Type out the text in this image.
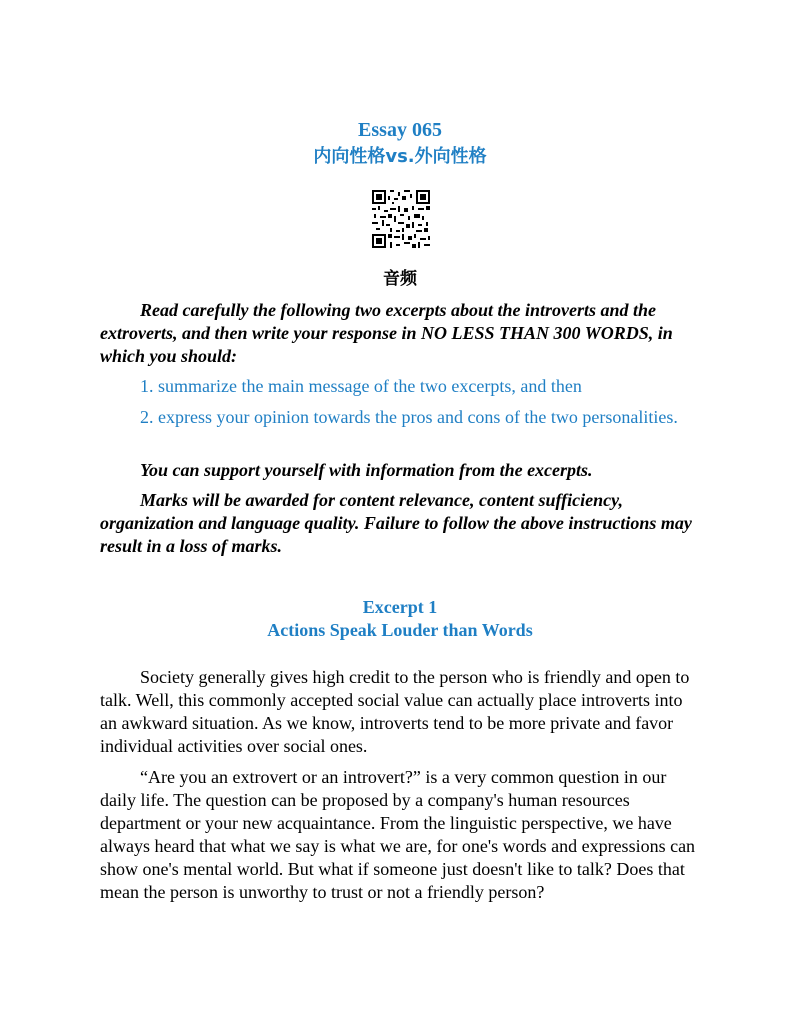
Essay 065
内向性格vs.外向性格
音频
Read carefully the following two excerpts about the introverts and the extroverts, and then write your response in NO LESS THAN 300 WORDS, in which you should:
1. summarize the main message of the two excerpts, and then
2. express your opinion towards the pros and cons of the two personalities.
You can support yourself with information from the excerpts.
Marks will be awarded for content relevance, content sufficiency, organization and language quality. Failure to follow the above instructions may result in a loss of marks.
Excerpt 1
Actions Speak Louder than Words
Society generally gives high credit to the person who is friendly and open to talk. Well, this commonly accepted social value can actually place introverts into an awkward situation. As we know, introverts tend to be more private and favor individual activities over social ones.
“Are you an extrovert or an introvert?” is a very common question in our daily life. The question can be proposed by a company's human resources department or your new acquaintance. From the linguistic perspective, we have always heard that what we say is what we are, for one's words and expressions can show one's mental world. But what if someone just doesn't like to talk? Does that mean the person is unworthy to trust or not a friendly person?
